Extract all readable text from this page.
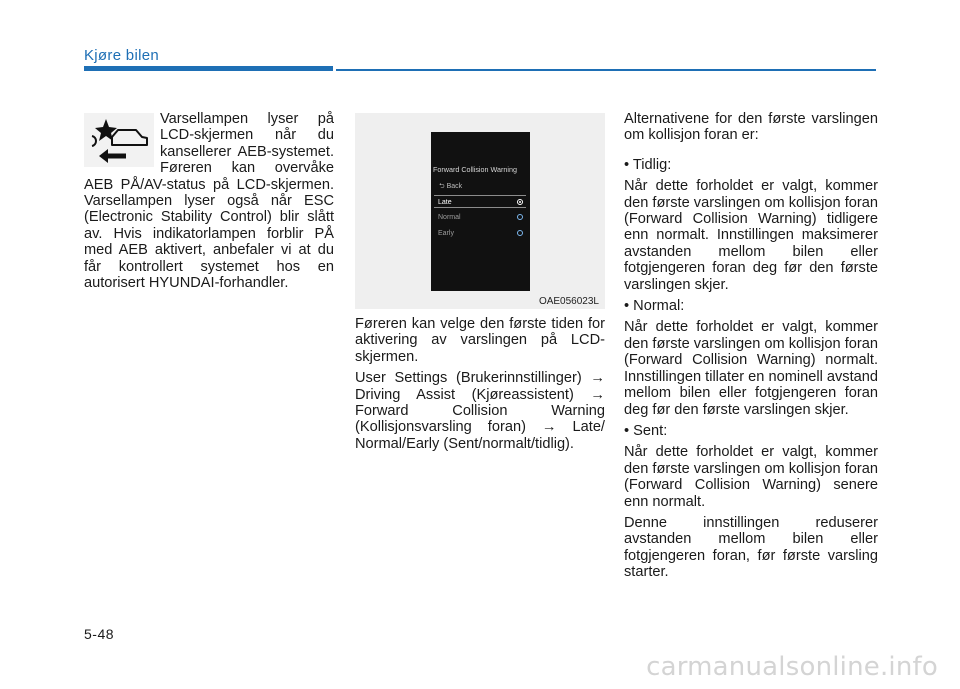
Kjøre bilen

Varsellampen lyser på LCD-skjermen når du kansellerer AEB-systemet. Føreren kan overvåke AEB PÅ/AV-status på LCD-skjermen. Varsellampen lyser også når ESC (Electronic Stability Control) blir slått av. Hvis indikatorlampen forblir PÅ med AEB aktivert, anbefaler vi at du får kontrollert systemet hos en autorisert HYUNDAI-forhandler.

Forward Collision Warning
⮌ Back
Late
Normal
Early
OAE056023L

Føreren kan velge den første tiden for aktivering av varslingen på LCD-skjermen.

User Settings (Brukerinnstillinger) → Driving Assist (Kjøreassistent) → Forward Collision Warning (Kollisjonsvarsling foran) → Late/ Normal/Early (Sent/normalt/tidlig).

Alternativene for den første varslingen om kollisjon foran er:

• Tidlig:

Når dette forholdet er valgt, kommer den første varslingen om kollisjon foran (Forward Collision Warning) tidligere enn normalt. Innstillingen maksimerer avstanden mellom bilen eller fotgjengeren foran deg før den første varslingen skjer.

• Normal:

Når dette forholdet er valgt, kommer den første varslingen om kollisjon foran (Forward Collision Warning) normalt. Innstillingen tillater en nominell avstand mellom bilen eller fotgjengeren foran deg før den første varslingen skjer.

• Sent:

Når dette forholdet er valgt, kommer den første varslingen om kollisjon foran (Forward Collision Warning) senere enn normalt.

Denne innstillingen reduserer avstanden mellom bilen eller fotgjengeren foran, før første varsling starter.

5-48
carmanualsonline.info
